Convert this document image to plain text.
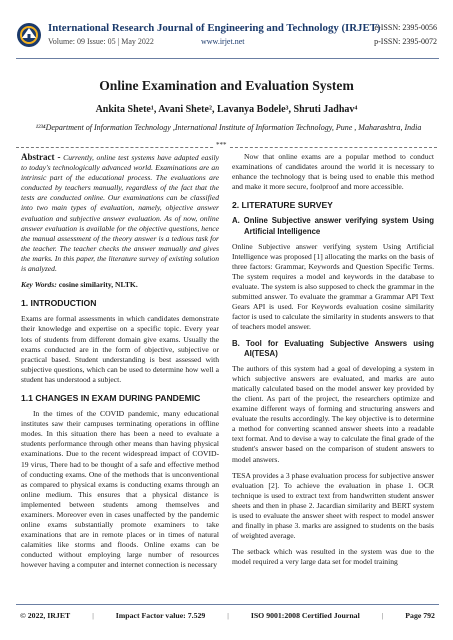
International Research Journal of Engineering and Technology (IRJET)
Volume: 09 Issue: 05 | May 2022	www.irjet.net
e-ISSN: 2395-0056
p-ISSN: 2395-0072
Online Examination and Evaluation System
Ankita Shete¹, Avani Shete², Lavanya Bodele³, Shruti Jadhav⁴
¹²³⁴Department of Information Technology ,International Institute of Information Technology, Pune , Maharashtra, India
***

Abstract - Currently, online test systems have adapted easily to today's technologically advanced world. Examinations are an intrinsic part of the educational process. The evaluations are conducted by teachers manually, regardless of the fact that the tests are conducted online. Our examinations can be classified into two main types of evaluation, namely, objective answer evaluation and subjective answer evaluation. As of now, online answer evaluation is available for the objective questions, hence the manual assessment of the theory answer is a tedious task for the teacher. The teacher checks the answer manually and gives the marks. In this paper, the literature survey of existing solution is analyzed.

Key Words: cosine similarity, NLTK.

1. INTRODUCTION

Exams are formal assessments in which candidates demonstrate their knowledge and expertise on a specific topic. Every year lots of students from different domain give exams. Usually the exams conducted are in the form of objective, subjective or practical based. Student understanding is best assessed with subjective questions, which can be used to determine how well a student has understood a subject.

1.1 CHANGES IN EXAM DURING PANDEMIC

In the times of the COVID pandemic, many educational institutes saw their campuses terminating operations in offline modes. In this situation there has been a need to evaluate a students performance through other means than having physical examinations. Due to the recent widespread impact of COVID-19 virus, There had to be thought of a safe and effective method of conducting exams. One of the methods that is unconventional as compared to physical exams is conducting exams through an online medium. This ensures that a physical distance is implemented between students among themselves and examiners. Moreover even in cases unaffected by the pandemic online exams substantially promote examiners to take examinations that are in remote places or in times of natural calamities like storms and floods. Online exams can be conducted without employing large number of resources however having a computer and internet connection is necessary

Now that online exams are a popular method to conduct examinations of candidates around the world it is necessary to enhance the technology that is being used to enable this method and make it more secure, foolproof and more accessible.

2. LITERATURE SURVEY
A. Online Subjective answer verifying system Using Artificial Intelligence

Online Subjective answer verifying system Using Artificial Intelligence was proposed [1] allocating the marks on the basis of three factors: Grammar, Keywords and Question Specific Terms. The system requires a model and keywords in the database to evaluate. The system is also supposed to check the grammar in the submitted answer. To evaluate the grammar a Grammar API Text Gears API is used. For Keywords evaluation cosine similarity factor is used to calculate the similarity in students answers to that of teachers model answer.

B. Tool for Evaluating Subjective Answers using AI(TESA)

The authors of this system had a goal of developing a system in which subjective answers are evaluated, and marks are auto matically calculated based on the model answer key provided by the client. As part of the project, the researchers optimize and examine different ways of forming and structuring answers and evaluate the results accordingly. The key objective is to determine a method for converting scanned answer sheets into a readable text format. And to devise a way to calculate the final grade of the student's answer based on the comparison of student answers to model answers.

TESA provides a 3 phase evaluation process for subjective answer evaluation [2]. To achieve the evaluation in phase 1. OCR technique is used to extract text from handwritten student answer sheets and then in phase 2. Jacardian similarity and BERT system is used to evaluate the answer sheet with respect to model answer and finally in phase 3. marks are assigned to students on the basis of weighted average.

The setback which was resulted in the system was due to the model required a very large data set for model training

© 2022, IRJET	|	Impact Factor value: 7.529	|	ISO 9001:2008 Certified Journal	|	Page 792
